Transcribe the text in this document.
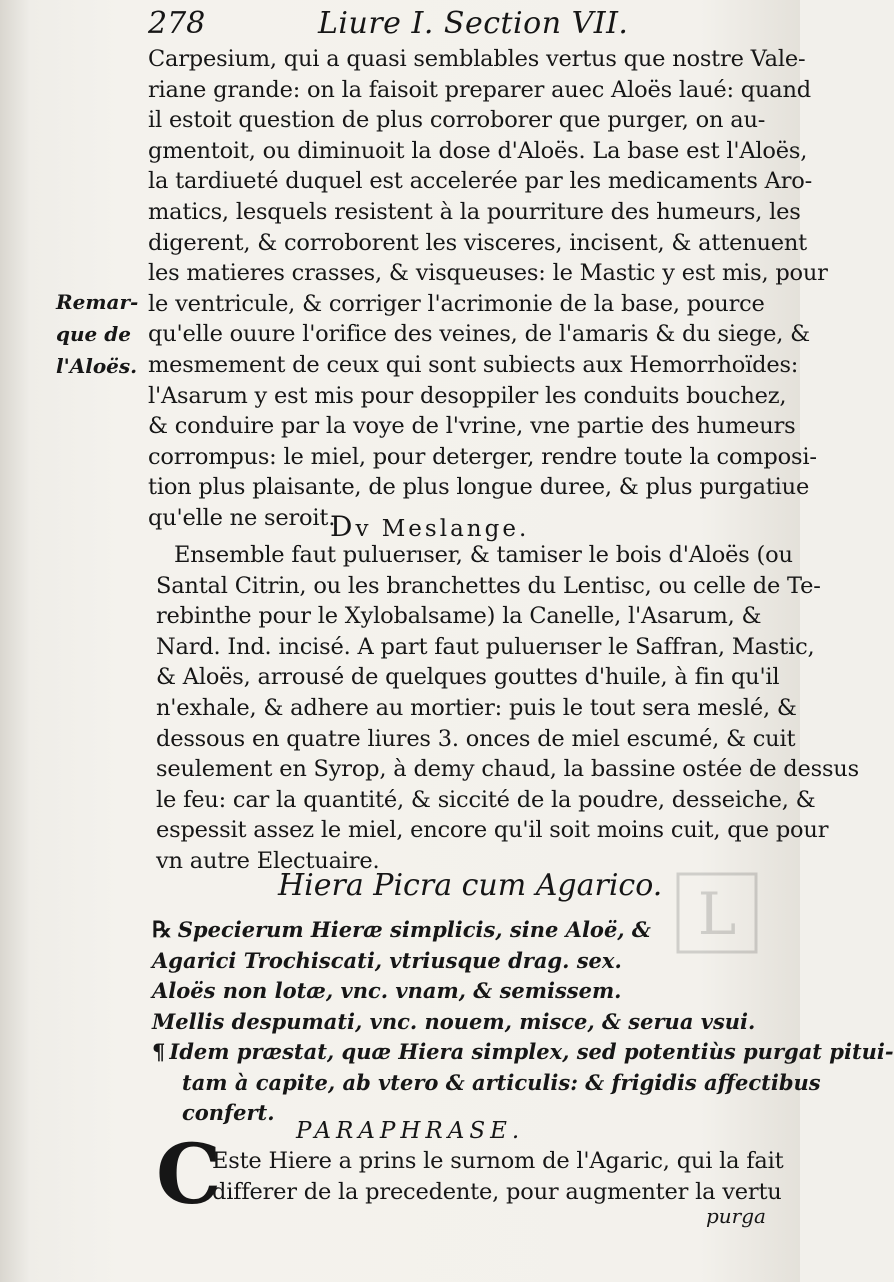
278	Liure I. Section VII.
Remar-
que de
l'Aloës.
Carpesium, qui a quasi semblables vertus que nostre Vale-
riane grande: on la faisoit preparer auec Aloës laué: quand
il estoit question de plus corroborer que purger, on au-
gmentoit, ou diminuoit la dose d'Aloës. La base est l'Aloës,
la tardiueté duquel est accelerée par les medicaments Aro-
matics, lesquels resistent à la pourriture des humeurs, les
digerent, & corroborent les visceres, incisent, & attenuent
les matieres crasses, & visqueuses: le Mastic y est mis, pour
le ventricule, & corriger l'acrimonie de la base, pource
qu'elle ouure l'orifice des veines, de l'amaris & du siege, &
mesmement de ceux qui sont subiects aux Hemorrhoïdes:
l'Asarum y est mis pour desoppiler les conduits bouchez,
& conduire par la voye de l'vrine, vne partie des humeurs
corrompus: le miel, pour deterger, rendre toute la composi-
tion plus plaisante, de plus longue duree, & plus purgatiue
qu'elle ne seroit.
Dv Meslange.
Ensemble faut puluerıser, & tamiser le bois d'Aloës (ou
Santal Citrin, ou les branchettes du Lentisc, ou celle de Te-
rebinthe pour le Xylobalsame) la Canelle, l'Asarum, &
Nard. Ind. incisé. A part faut puluerıser le Saffran, Mastic,
& Aloës, arrousé de quelques gouttes d'huile, à fin qu'il
n'exhale, & adhere au mortier: puis le tout sera meslé, &
dessous en quatre liures 3. onces de miel escumé, & cuit
seulement en Syrop, à demy chaud, la bassine ostée de dessus
le feu: car la quantité, & siccité de la poudre, desseiche, &
espessit assez le miel, encore qu'il soit moins cuit, que pour
vn autre Electuaire.
L
Hiera Picra cum Agarico.
℞ Specierum Hieræ simplicis, sine Aloë, &
Agarici Trochiscati, vtriusque drag. sex.
Aloës non lotæ, vnc. vnam, & semissem.
Mellis despumati, vnc. nouem, misce, & serua vsui.
¶ Idem præstat, quæ Hiera simplex, sed potentiùs purgat pitui-
tam à capite, ab vtero & articulis: & frigidis affectibus
confert.
PARAPHRASE.
C
Este Hiere a prins le surnom de l'Agaric, qui la fait
differer de la precedente, pour augmenter la vertu
purga
